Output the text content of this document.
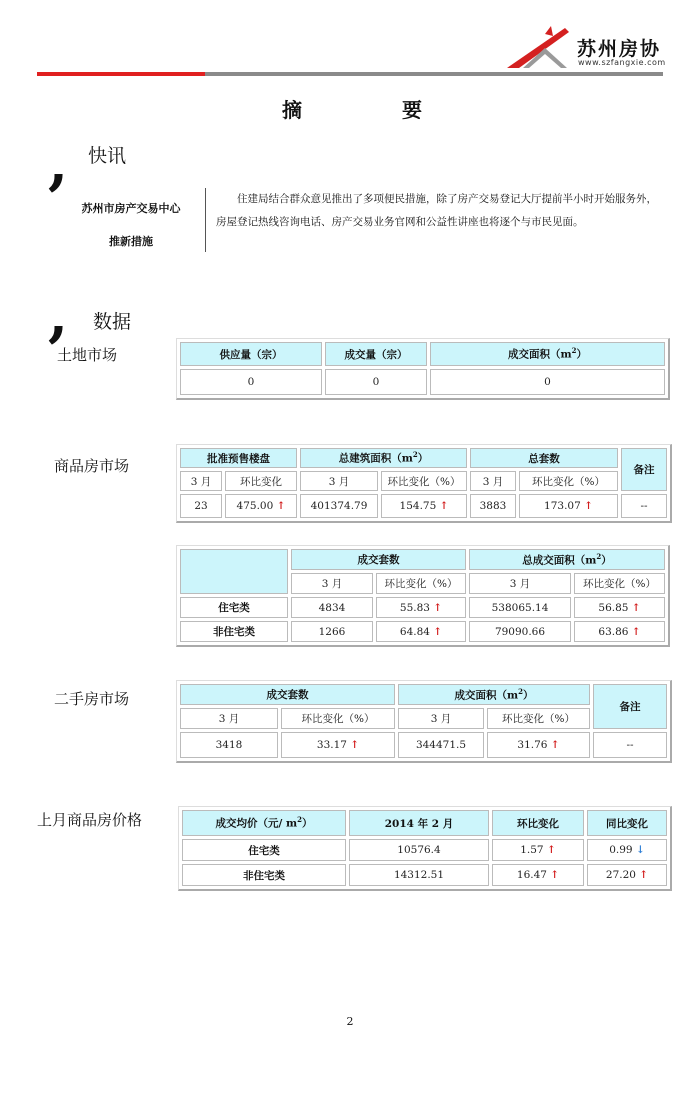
苏州房协
www.szfangxie.com
摘	要
, 快讯
苏州市房产交易中心
推新措施
住建局结合群众意见推出了多项便民措施，除了房产交易登记大厅提前半小时开始服务外，房屋登记热线咨询电话、房产交易业务官网和公益性讲座也将逐个与市民见面。
, 数据
土地市场	供应量（宗）	成交量（宗）	成交面积$(m^2)$
0	0	0
商品房市场	批准预售楼盘		总建筑面积$(m^2)$		总套数		备注
3 月	环比变化	3 月	环比变化（%）	3 月	环比变化（%）	
23	475.00 ↑	401374.79	154.75 ↑	3883	173.07 ↑	--
	成交套数		总成交面积$(m^2)$	
	3 月	环比变化（%）	3 月	环比变化（%）
住宅类	4834	55.83 ↑	538065.14	56.85 ↑
非住宅类	1266	64.84 ↑	79090.66	63.86 ↑
二手房市场	成交套数		成交面积$(m^2)$		备注
3 月	环比变化（%）	3 月	环比变化（%）	
3418	33.17 ↑	344471.5	31.76 ↑	--
上月商品房价格	成交均价（元/ $m^2$）	2014 年 2 月	环比变化	同比变化
住宅类	10576.4	1.57 ↑	0.99 ↓
非住宅类	14312.51	16.47 ↑	27.20 ↑
2
